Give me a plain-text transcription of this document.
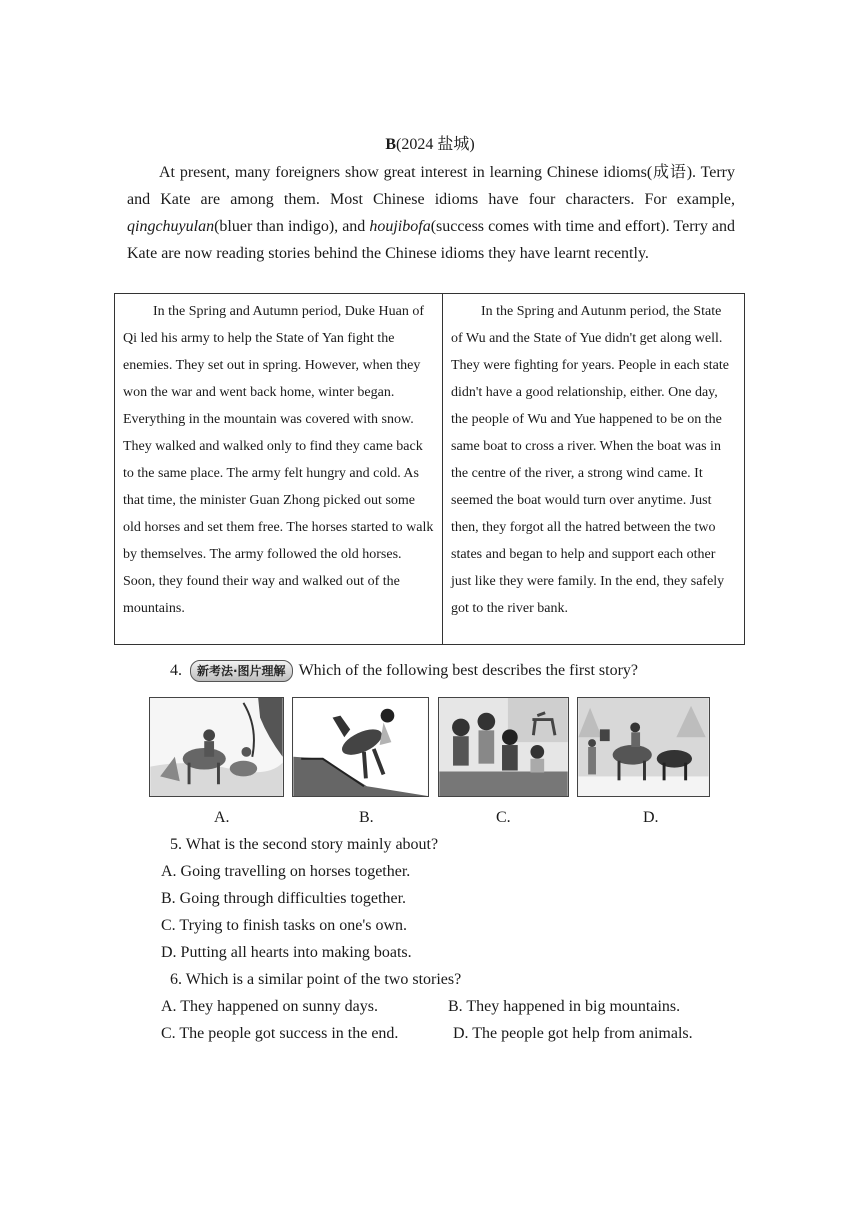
B(2024 盐城)
At present, many foreigners show great interest in learning Chinese idioms(成语). Terry and Kate are among them. Most Chinese idioms have four characters. For example, qingchuyulan(bluer than indigo), and houjibofa(success comes with time and effort). Terry and Kate are now reading stories behind the Chinese idioms they have learnt recently.
In the Spring and Autumn period, Duke Huan of Qi led his army to help the State of Yan fight the enemies. They set out in spring. However, when they won the war and went back home, winter began. Everything in the mountain was covered with snow. They walked and walked only to find they came back to the same place. The army felt hungry and cold. As that time, the minister Guan Zhong picked out some old horses and set them free. The horses started to walk by themselves. The army followed the old horses. Soon, they found their way and walked out of the mountains.
In the Spring and Autunm period, the State of Wu and the State of Yue didn't get along well. They were fighting for years. People in each state didn't have a good relationship, either. One day, the people of Wu and Yue happened to be on the same boat to cross a river. When the boat was in the centre of the river, a strong wind came. It seemed the boat would turn over anytime. Just then, they forgot all the hatred between the two states and began to help and support each other just like they were family. In the end, they safely got to the river bank.
4.	新考法·图片理解 Which of the following best describes the first story?
A.	B.	C.	D.
5. What is the second story mainly about?
A. Going travelling on horses together.
B. Going through difficulties together.
C. Trying to finish tasks on one's own.
D. Putting all hearts into making boats.
6. Which is a similar point of the two stories?
A. They happened on sunny days.	B. They happened in big mountains.
C. The people got success in the end.	D. The people got help from animals.
